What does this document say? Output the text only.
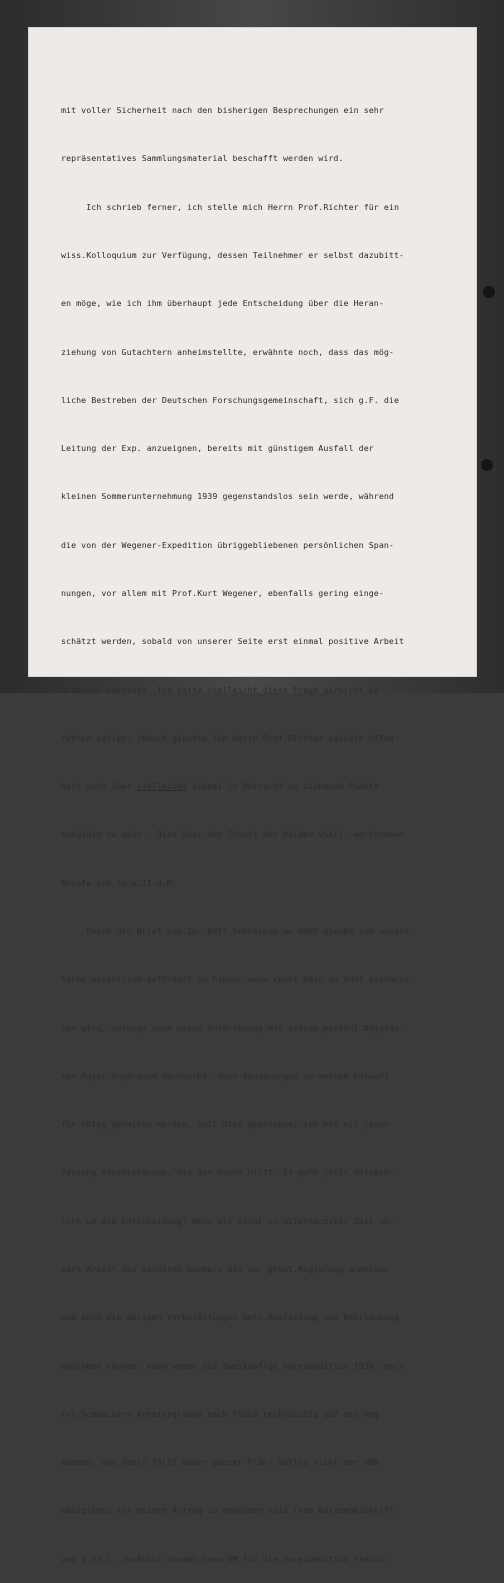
mit voller Sicherheit nach den bisherigen Besprechungen ein sehr

repräsentatives Sammlungsmaterial beschafft werden wird.

Ich schrieb ferner, ich stelle mich Herrn Prof.Richter für ein

wiss.Kolloquium zur Verfügung, dessen Teilnehmer er selbst dazubitt-

en möge, wie ich ihm überhaupt jede Entscheidung über die Heran-

ziehung von Gutachtern anheimstellte, erwähnte noch, dass das mög-

liche Bestreben der Deutschen Forschungsgemeinschaft, sich g.F. die

Leitung der Exp. anzueignen, bereits mit günstigem Ausfall der

kleinen Sommerunternehmung 1939 gegenstandslos sein werde, während

die von der Wegener-Expedition übriggebliebenen persönlichen Span-

nungen, vor allem mit Prof.Kurt Wegener, ebenfalls gering einge-

schätzt werden, sobald von unserer Seite erst einmal positive Arbeit

draussen vorliegt. Ich hätte vielleicht diese Frage garnicht be-

rühren sollen, jedoch glaubte ich Herrn Prof.Richter vollste Offen-

heit auch über vielleicht einmal in Betracht zu ziehende Punkte

schuldig zu sein.  Dies über den Inhalt der beiden viell. verlorenen

Briefe vom lo.u.11.d.M.

Durch den Brief vom 2o. betr.Schreiben an Udet glaube ich unsere

Sache wesentlich gefördert zu haben, wenn recht bald an Udet geschrie-

ben wird, solange noch meine Unterredung mit seinem persönl.Adjutan-

ten Major Angermund nachwirkt. Wenn Aenderungen an meinem Entwurf

für nötig gehalten werden, soll dies geschehen; ich bin mit jeder

Fassung einverstanden, die der Sache hilft. Es geht jetzt tatsäch-

lich um die Entscheidung: Wenn wir nicht in allernächster Zeit un-

sere Arbeit des nächsten Sommers bei der grönl.Regierung anmelden

und auch die übrigen Vorbereitungen betr.Ausrüstung und Beurlaubung

beginnen können, kann weder die zweiköpfige Vorexpedition 1939, noch

Frl.Schmückers Arbeitsgruppe nach Thule rechtzeitig auf den Weg

kommen, und damit fällt unser ganzer Plan! Sollte nicht der OBM

wenigstens für meinen Antrag zu gewinnen sein (vom Kurzdenkschrift

vom 2.12.), zunächst einmal 5ooo RM für die Vorexpedition freizu-
